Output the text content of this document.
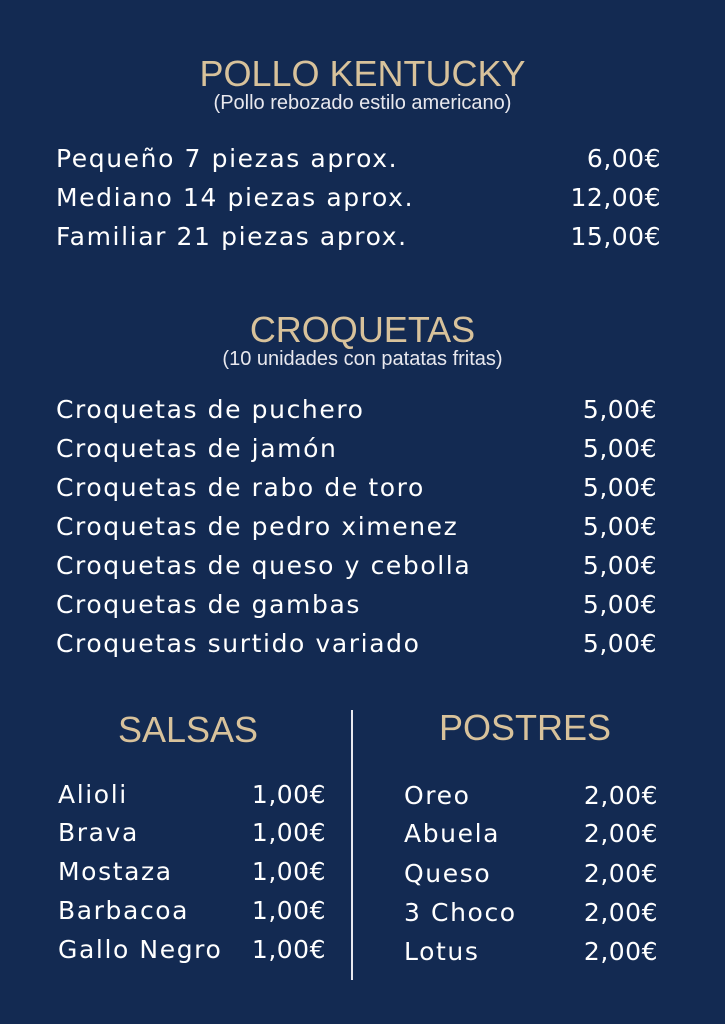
POLLO KENTUCKY
(Pollo rebozado estilo americano)
Pequeño 7 piezas aprox.	6,00€
Mediano 14 piezas aprox.	12,00€
Familiar 21 piezas aprox.	15,00€
CROQUETAS
(10 unidades con patatas fritas)
Croquetas de puchero	5,00€
Croquetas de jamón	5,00€
Croquetas de rabo de toro	5,00€
Croquetas de pedro ximenez	5,00€
Croquetas de queso y cebolla	5,00€
Croquetas de gambas	5,00€
Croquetas surtido variado	5,00€
SALSAS
Alioli	1,00€
Brava	1,00€
Mostaza	1,00€
Barbacoa	1,00€
Gallo Negro 1,00€
POSTRES
Oreo	2,00€
Abuela	2,00€
Queso	2,00€
3 Choco	2,00€
Lotus	2,00€
